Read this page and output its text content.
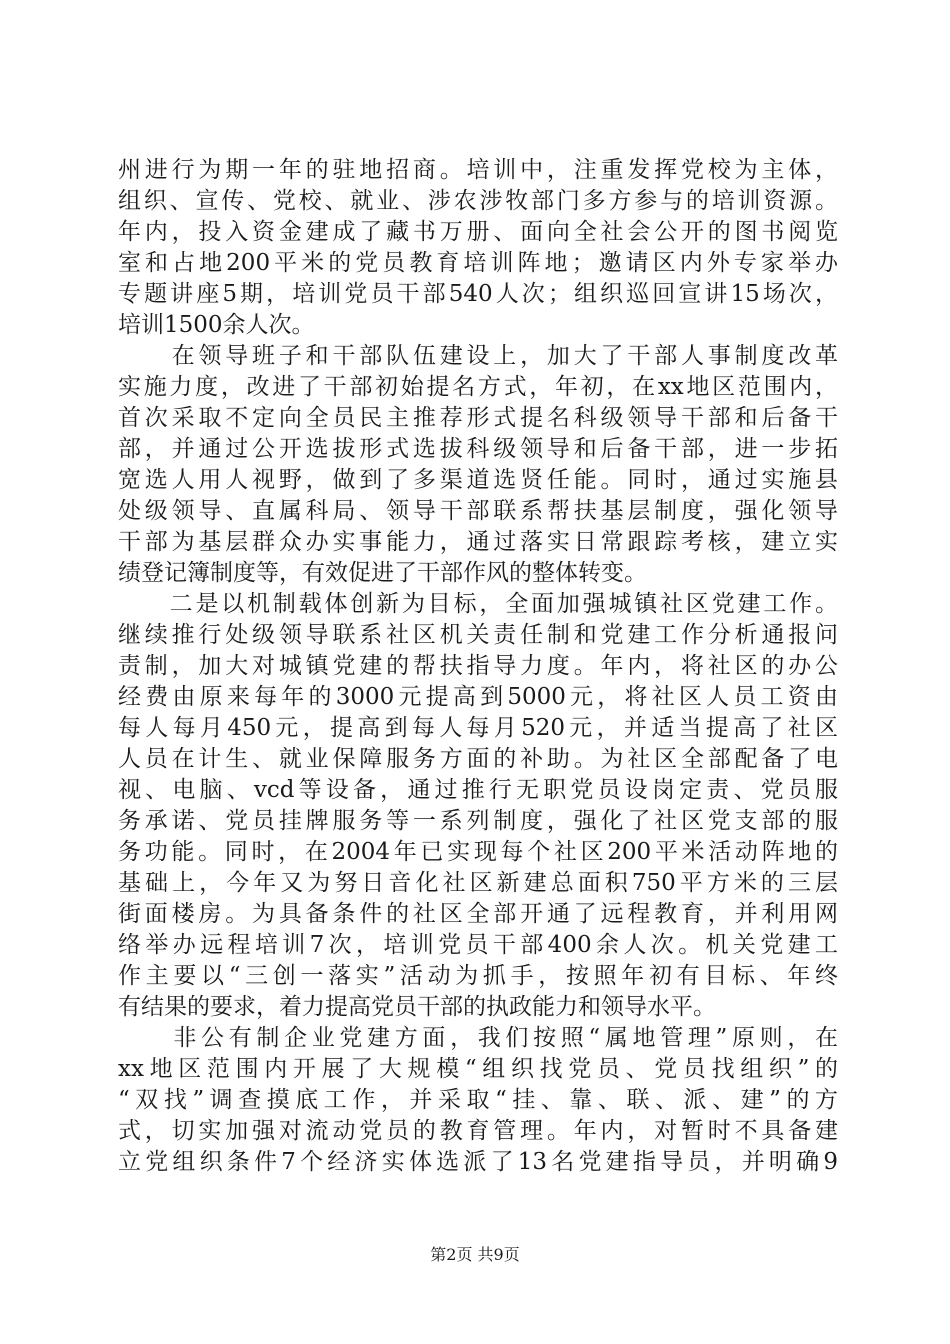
州进行为期一年的驻地招商。培训中，注重发挥党校为主体，
组织、宣传、党校、就业、涉农涉牧部门多方参与的培训资源。
年内，投入资金建成了藏书万册、面向全社会公开的图书阅览
室和占地200平米的党员教育培训阵地；邀请区内外专家举办
专题讲座5期，培训党员干部540人次；组织巡回宣讲15场次，
培训1500余人次。
　　在领导班子和干部队伍建设上，加大了干部人事制度改革
实施力度，改进了干部初始提名方式，年初，在xx地区范围内，
首次采取不定向全员民主推荐形式提名科级领导干部和后备干
部，并通过公开选拔形式选拔科级领导和后备干部，进一步拓
宽选人用人视野，做到了多渠道选贤任能。同时，通过实施县
处级领导、直属科局、领导干部联系帮扶基层制度，强化领导
干部为基层群众办实事能力，通过落实日常跟踪考核，建立实
绩登记簿制度等，有效促进了干部作风的整体转变。
　　二是以机制载体创新为目标，全面加强城镇社区党建工作。
继续推行处级领导联系社区机关责任制和党建工作分析通报问
责制，加大对城镇党建的帮扶指导力度。年内，将社区的办公
经费由原来每年的3000元提高到5000元，将社区人员工资由
每人每月450元，提高到每人每月520元，并适当提高了社区
人员在计生、就业保障服务方面的补助。为社区全部配备了电
视、电脑、vcd等设备，通过推行无职党员设岗定责、党员服
务承诺、党员挂牌服务等一系列制度，强化了社区党支部的服
务功能。同时，在2004年已实现每个社区200平米活动阵地的
基础上，今年又为努日音化社区新建总面积750平方米的三层
街面楼房。为具备条件的社区全部开通了远程教育，并利用网
络举办远程培训7次，培训党员干部400余人次。机关党建工
作主要以“三创一落实”活动为抓手，按照年初有目标、年终
有结果的要求，着力提高党员干部的执政能力和领导水平。
　　非公有制企业党建方面，我们按照“属地管理”原则，在
xx地区范围内开展了大规模“组织找党员、党员找组织”的
“双找”调查摸底工作，并采取“挂、靠、联、派、建”的方
式，切实加强对流动党员的教育管理。年内，对暂时不具备建
立党组织条件7个经济实体选派了13名党建指导员，并明确9
第2页 共9页
